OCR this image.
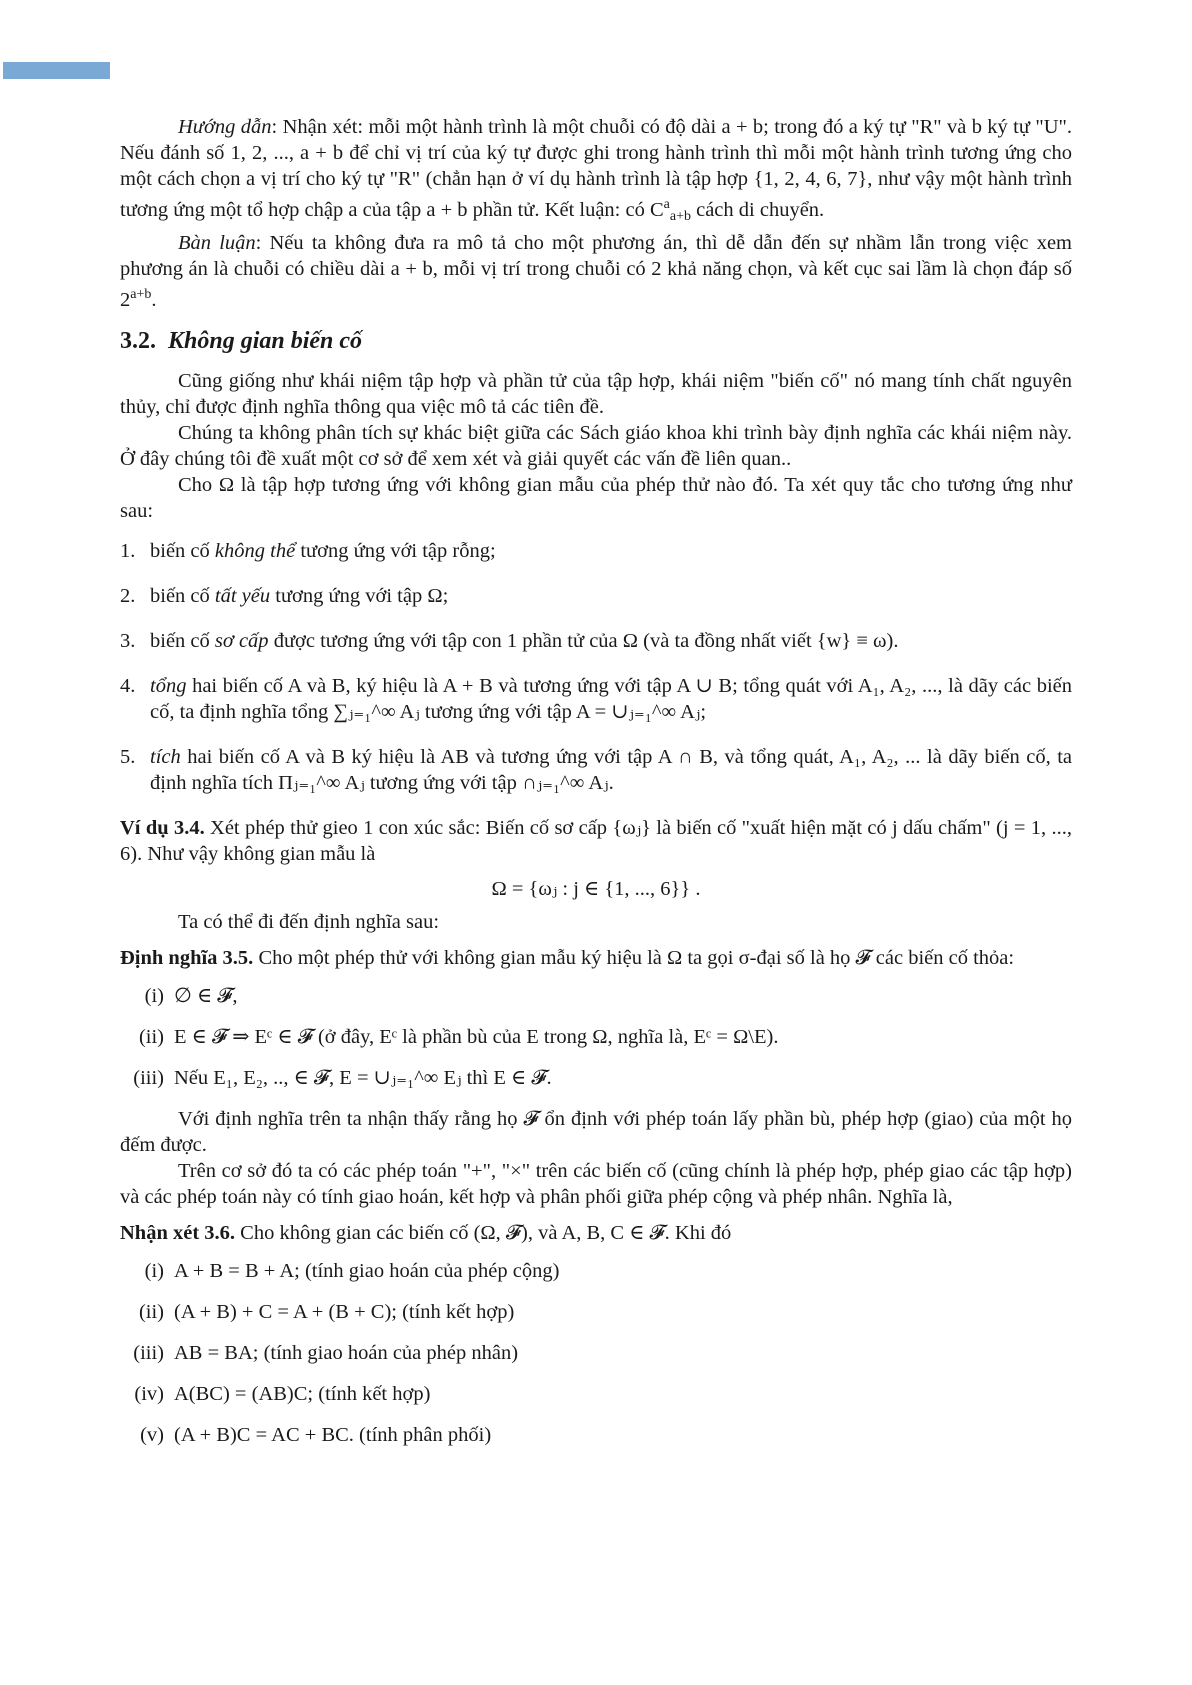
Hướng dẫn: Nhận xét: mỗi một hành trình là một chuỗi có độ dài a + b; trong đó a ký tự "R" và b ký tự "U". Nếu đánh số 1, 2, ..., a + b để chỉ vị trí của ký tự được ghi trong hành trình thì mỗi một hành trình tương ứng cho một cách chọn a vị trí cho ký tự "R" (chẳn hạn ở ví dụ hành trình là tập hợp {1, 2, 4, 6, 7}, như vậy một hành trình tương ứng một tổ hợp chập a của tập a + b phần tử. Kết luận: có $C^a_{a+b}$ cách di chuyển.

Bàn luận: Nếu ta không đưa ra mô tả cho một phương án, thì dễ dẫn đến sự nhầm lẫn trong việc xem phương án là chuỗi có chiều dài a + b, mỗi vị trí trong chuỗi có 2 khả năng chọn, và kết cục sai lầm là chọn đáp số $2^{a+b}$.

3.2. Không gian biến cố

Cũng giống như khái niệm tập hợp và phần tử của tập hợp, khái niệm "biến cố" nó mang tính chất nguyên thủy, chỉ được định nghĩa thông qua việc mô tả các tiên đề.

Chúng ta không phân tích sự khác biệt giữa các Sách giáo khoa khi trình bày định nghĩa các khái niệm này. Ở đây chúng tôi đề xuất một cơ sở để xem xét và giải quyết các vấn đề liên quan..

Cho Ω là tập hợp tương ứng với không gian mẫu của phép thử nào đó. Ta xét quy tắc cho tương ứng như sau:

1. biến cố không thể tương ứng với tập rỗng;
2. biến cố tất yếu tương ứng với tập Ω;
3. biến cố sơ cấp được tương ứng với tập con 1 phần tử của Ω (và ta đồng nhất viết {w} ≡ ω).
4. tổng hai biến cố A và B, ký hiệu là A + B và tương ứng với tập A ∪ B; tổng quát với A₁, A₂, ..., là dãy các biến cố, ta định nghĩa tổng ∑ⱼ₌₁^∞ Aⱼ tương ứng với tập A = ∪ⱼ₌₁^∞ Aⱼ;
5. tích hai biến cố A và B ký hiệu là AB và tương ứng với tập A ∩ B, và tổng quát, A₁, A₂, ... là dãy biến cố, ta định nghĩa tích Πⱼ₌₁^∞ Aⱼ tương ứng với tập ∩ⱼ₌₁^∞ Aⱼ.

Ví dụ 3.4. Xét phép thử gieo 1 con xúc sắc: Biến cố sơ cấp {ωⱼ} là biến cố "xuất hiện mặt có j dấu chấm" (j = 1, ..., 6). Như vậy không gian mẫu là

Ω = {ωⱼ : j ∈ {1, ..., 6}} .

Ta có thể đi đến định nghĩa sau:

Định nghĩa 3.5. Cho một phép thử với không gian mẫu ký hiệu là Ω ta gọi σ-đại số là họ 𝓕 các biến cố thỏa:

(i) ∅ ∈ 𝓕,
(ii) E ∈ 𝓕 ⇒ Eᶜ ∈ 𝓕 (ở đây, Eᶜ là phần bù của E trong Ω, nghĩa là, Eᶜ = Ω\E).
(iii) Nếu E₁, E₂, .., ∈ 𝓕, E = ∪ⱼ₌₁^∞ Eⱼ thì E ∈ 𝓕.

Với định nghĩa trên ta nhận thấy rằng họ 𝓕 ổn định với phép toán lấy phần bù, phép hợp (giao) của một họ đếm được.

Trên cơ sở đó ta có các phép toán "+", "×" trên các biến cố (cũng chính là phép hợp, phép giao các tập hợp) và các phép toán này có tính giao hoán, kết hợp và phân phối giữa phép cộng và phép nhân. Nghĩa là,

Nhận xét 3.6. Cho không gian các biến cố (Ω, 𝓕), và A, B, C ∈ 𝓕. Khi đó

(i) A + B = B + A; (tính giao hoán của phép cộng)
(ii) (A + B) + C = A + (B + C); (tính kết hợp)
(iii) AB = BA; (tính giao hoán của phép nhân)
(iv) A(BC) = (AB)C; (tính kết hợp)
(v) (A + B)C = AC + BC. (tính phân phối)
